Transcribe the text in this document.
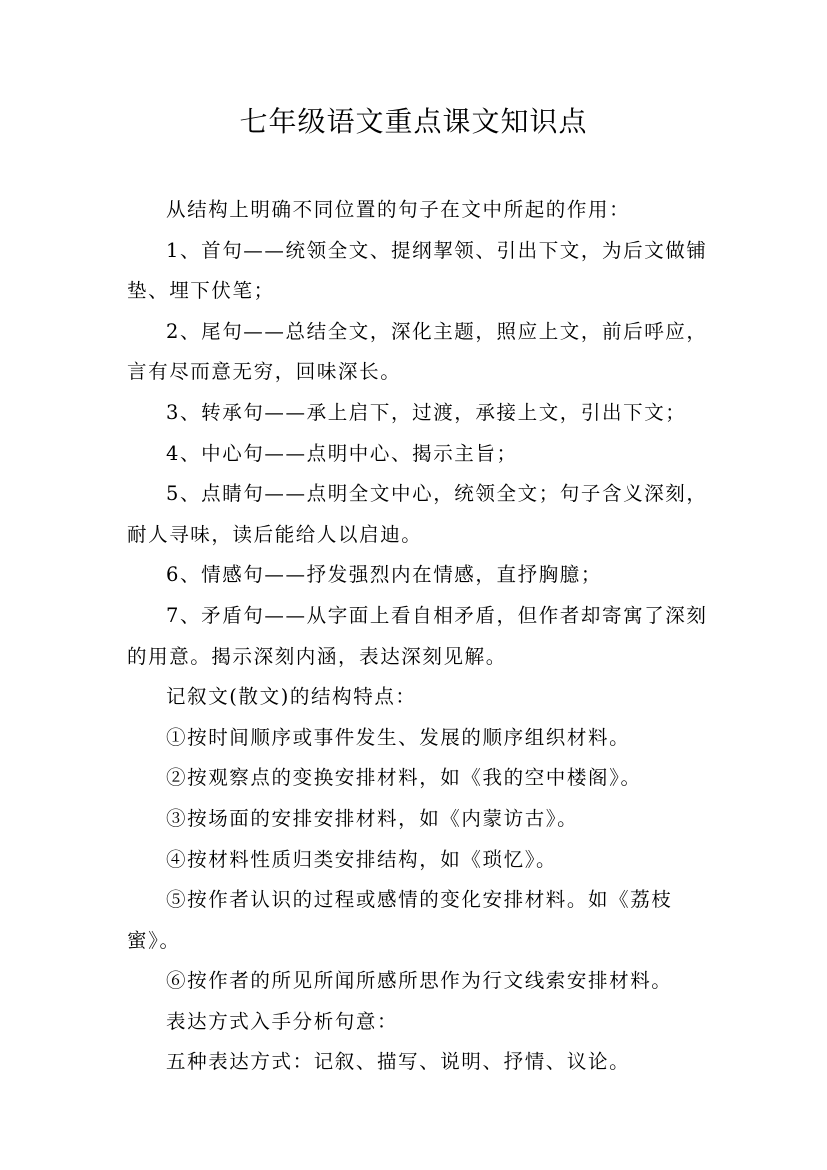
七年级语文重点课文知识点

从结构上明确不同位置的句子在文中所起的作用：

1、首句——统领全文、提纲挈领、引出下文，为后文做铺垫、埋下伏笔；

2、尾句——总结全文，深化主题，照应上文，前后呼应，言有尽而意无穷，回味深长。

3、转承句——承上启下，过渡，承接上文，引出下文；

4、中心句——点明中心、揭示主旨；

5、点睛句——点明全文中心，统领全文；句子含义深刻，耐人寻味，读后能给人以启迪。

6、情感句——抒发强烈内在情感，直抒胸臆；

7、矛盾句——从字面上看自相矛盾，但作者却寄寓了深刻的用意。揭示深刻内涵，表达深刻见解。

记叙文(散文)的结构特点：

①按时间顺序或事件发生、发展的顺序组织材料。

②按观察点的变换安排材料，如《我的空中楼阁》。

③按场面的安排安排材料，如《内蒙访古》。

④按材料性质归类安排结构，如《琐忆》。

⑤按作者认识的过程或感情的变化安排材料。如《荔枝蜜》。

⑥按作者的所见所闻所感所思作为行文线索安排材料。

表达方式入手分析句意：

五种表达方式：记叙、描写、说明、抒情、议论。
